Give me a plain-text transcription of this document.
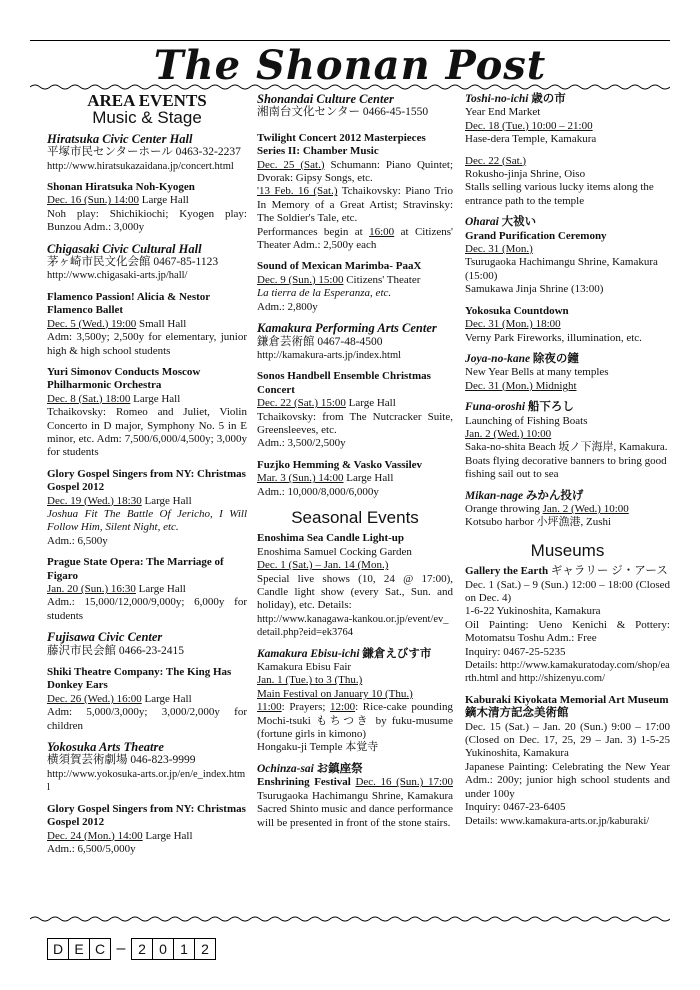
The Shonan Post
AREA EVENTS
Music & Stage
Hiratsuka Civic Center Hall
平塚市民センターホール 0463-32-2237
http://www.hiratsukazaidana.jp/concert.html
Shonan Hiratsuka Noh-Kyogen
Dec. 16 (Sun.) 14:00 Large Hall
Noh play: Shichikiochi; Kyogen play: Bunzou Adm.: 3,000y
Chigasaki Civic Cultural Hall
茅ヶ崎市民文化会館 0467-85-1123
http://www.chigasaki-arts.jp/hall/
Flamenco Passion! Alicia & Nestor Flamenco Ballet
Dec. 5 (Wed.) 19:00 Small Hall
Adm: 3,500y; 2,500y for elementary, junior high & high school students
Yuri Simonov Conducts Moscow Philharmonic Orchestra
Dec. 8 (Sat.) 18:00 Large Hall
Tchaikovsky: Romeo and Juliet, Violin Concerto in D major, Symphony No. 5 in E minor, etc. Adm: 7,500/6,000/4,500y; 3,000y for students
Glory Gospel Singers from NY: Christmas Gospel 2012
Dec. 19 (Wed.) 18:30 Large Hall
Joshua Fit The Battle Of Jericho, I Will Follow Him, Silent Night, etc.
Adm.: 6,500y
Prague State Opera: The Marriage of Figaro
Jan. 20 (Sun.) 16:30 Large Hall
Adm.: 15,000/12,000/9,000y; 6,000y for students
Fujisawa Civic Center
藤沢市民会館 0466-23-2415
Shiki Theatre Company: The King Has Donkey Ears
Dec. 26 (Wed.) 16:00 Large Hall
Adm: 5,000/3,000y; 3,000/2,000y for children
Yokosuka Arts Theatre
横須賀芸術劇場 046-823-9999
http://www.yokosuka-arts.or.jp/en/e_index.html
Glory Gospel Singers from NY: Christmas Gospel 2012
Dec. 24 (Mon.) 14:00 Large Hall
Adm.: 6,500/5,000y
Shonandai Culture Center
湘南台文化センター 0466-45-1550
Twilight Concert 2012 Masterpieces Series II: Chamber Music
Dec. 25 (Sat.) Schumann: Piano Quintet; Dvorak: Gipsy Songs, etc.
'13 Feb. 16 (Sat.) Tchaikovsky: Piano Trio In Memory of a Great Artist; Stravinsky: The Soldier's Tale, etc.
Performances begin at 16:00 at Citizens' Theater Adm.: 2,500y each
Sound of Mexican Marimba- PaaX
Dec. 9 (Sun.) 15:00 Citizens' Theater
La tierra de la Esperanza, etc.
Adm.: 2,800y
Kamakura Performing Arts Center
鎌倉芸術館 0467-48-4500
http://kamakura-arts.jp/index.html
Sonos Handbell Ensemble Christmas Concert
Dec. 22 (Sat.) 15:00 Large Hall
Tchaikovsky: from The Nutcracker Suite, Greensleeves, etc.
Adm.: 3,500/2,500y
Fuzjko Hemming & Vasko Vassilev
Mar. 3 (Sun.) 14:00 Large Hall
Adm.: 10,000/8,000/6,000y
Seasonal Events
Enoshima Sea Candle Light-up
Enoshima Samuel Cocking Garden
Dec. 1 (Sat.) – Jan. 14 (Mon.)
Special live shows (10, 24 @ 17:00), Candle light show (every Sat., Sun. and holiday), etc. Details:
http://www.kanagawa-kankou.or.jp/event/ev_detail.php?eid=ek3764
Kamakura Ebisu-ichi 鎌倉えびす市
Kamakura Ebisu Fair
Jan. 1 (Tue.) to 3 (Thu.)
Main Festival on January 10 (Thu.)
11:00: Prayers; 12:00: Rice-cake pounding Mochi-tsuki もちつき by fuku-musume (fortune girls in kimono)
Hongaku-ji Temple 本覚寺
Ochinza-sai お鎮座祭
Enshrining Festival Dec. 16 (Sun.) 17:00 Tsurugaoka Hachimangu Shrine, Kamakura Sacred Shinto music and dance performance will be presented in front of the stone stairs.
Toshi-no-ichi 歳の市
Year End Market
Dec. 18 (Tue.) 10:00 – 21:00
Hase-dera Temple, Kamakura
Dec. 22 (Sat.)
Rokusho-jinja Shrine, Oiso
Stalls selling various lucky items along the entrance path to the temple
Oharai 大祓い
Grand Purification Ceremony
Dec. 31 (Mon.)
Tsurugaoka Hachimangu Shrine, Kamakura (15:00)
Samukawa Jinja Shrine (13:00)
Yokosuka Countdown
Dec. 31 (Mon.) 18:00
Verny Park Fireworks, illumination, etc.
Joya-no-kane 除夜の鐘
New Year Bells at many temples
Dec. 31 (Mon.) Midnight
Funa-oroshi 船下ろし
Launching of Fishing Boats
Jan. 2 (Wed.) 10:00
Saka-no-shita Beach 坂ノ下海岸, Kamakura. Boats flying decorative banners to bring good fishing sail out to sea
Mikan-nage みかん投げ
Orange throwing Jan. 2 (Wed.) 10:00
Kotsubo harbor 小坪漁港, Zushi
Museums
Gallery the Earth ギャラリー ジ・アース
Dec. 1 (Sat.) – 9 (Sun.) 12:00 – 18:00 (Closed on Dec. 4)
1-6-22 Yukinoshita, Kamakura
Oil Painting: Ueno Kenichi & Pottery: Motomatsu Toshu Adm.: Free
Inquiry: 0467-25-5235
Details: http://www.kamakuratoday.com/shop/earth.html and http://shizenyu.com/
Kaburaki Kiyokata Memorial Art Museum 鏑木清方記念美術館
Dec. 15 (Sat.) – Jan. 20 (Sun.) 9:00 – 17:00 (Closed on Dec. 17, 25, 29 – Jan. 3) 1-5-25 Yukinoshita, Kamakura
Japanese Painting: Celebrating the New Year Adm.: 200y; junior high school students and under 100y
Inquiry: 0467-23-6405
Details: www.kamakura-arts.or.jp/kaburaki/
D E C – 2 0 1 2
